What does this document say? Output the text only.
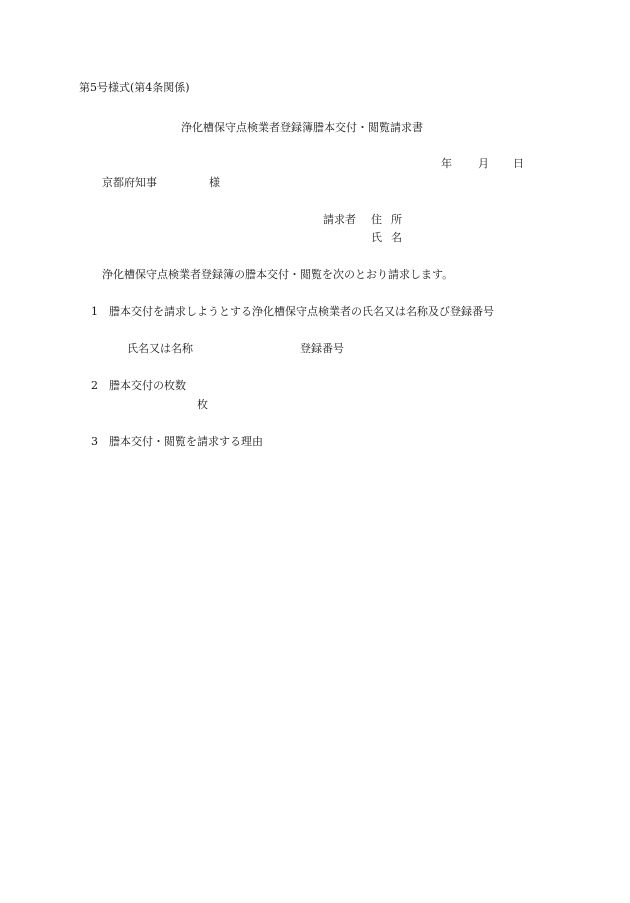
第5号様式(第4条関係)
浄化槽保守点検業者登録簿謄本交付・閲覧請求書
年 月 日
京都府知事	様
請求者 住所
氏名
浄化槽保守点検業者登録簿の謄本交付・閲覧を次のとおり請求します。
1 謄本交付を請求しようとする浄化槽保守点検業者の氏名又は名称及び登録番号
氏名又は名称	登録番号
2 謄本交付の枚数
枚
3 謄本交付・閲覧を請求する理由
